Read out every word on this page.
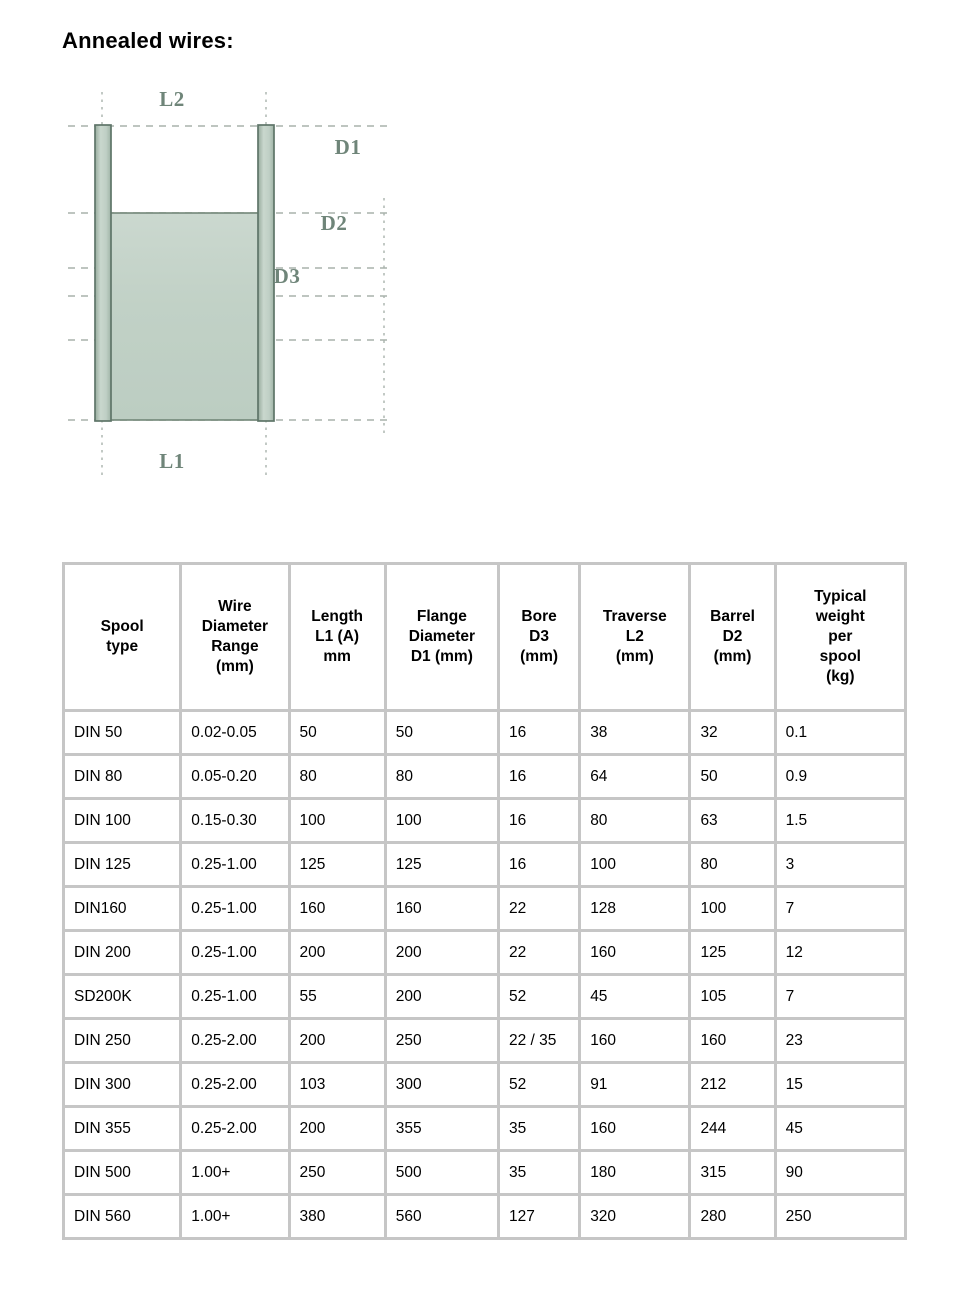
Annealed wires:
L2
L1
D1
D2
D3
Spool
type	Wire
Diameter
Range
(mm)	Length
L1 (A)
mm	Flange
Diameter
D1 (mm)	Bore
D3
(mm)	Traverse
L2
(mm)	Barrel
D2
(mm)	Typical
weight
per
spool
(kg)
DIN 50	0.02-0.05	50	50	16	38	32	0.1
DIN 80	0.05-0.20	80	80	16	64	50	0.9
DIN 100	0.15-0.30	100	100	16	80	63	1.5
DIN 125	0.25-1.00	125	125	16	100	80	3
DIN160	0.25-1.00	160	160	22	128	100	7
DIN 200	0.25-1.00	200	200	22	160	125	12
SD200K	0.25-1.00	55	200	52	45	105	7
DIN 250	0.25-2.00	200	250	22 / 35	160	160	23
DIN 300	0.25-2.00	103	300	52	91	212	15
DIN 355	0.25-2.00	200	355	35	160	244	45
DIN 500	1.00+	250	500	35	180	315	90
DIN 560	1.00+	380	560	127	320	280	250
